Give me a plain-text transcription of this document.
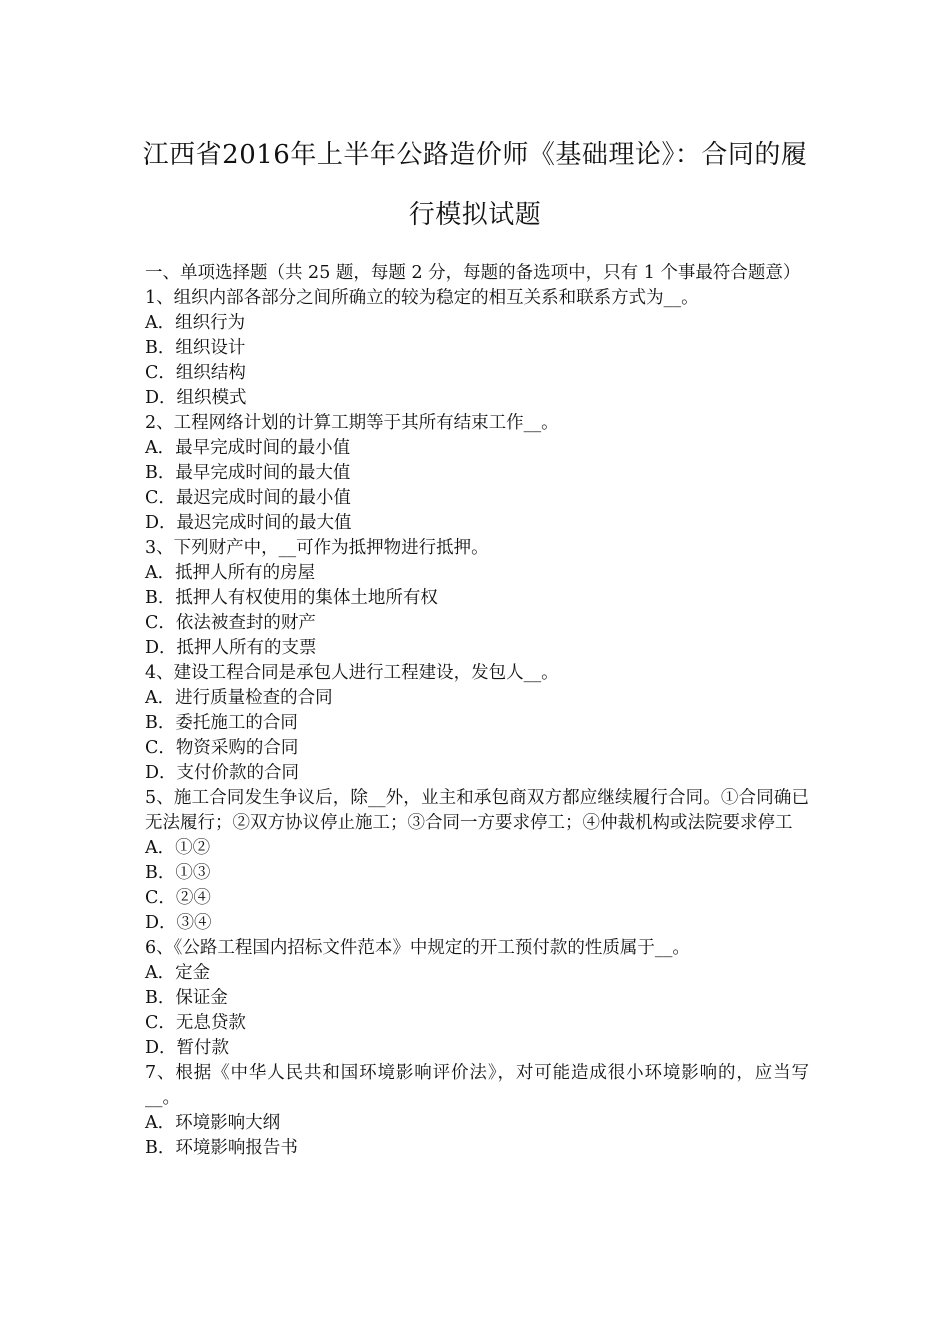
江西省2016年上半年公路造价师《基础理论》：合同的履
行模拟试题

一、单项选择题（共 25 题，每题 2 分，每题的备选项中，只有 1 个事最符合题意）

1、组织内部各部分之间所确立的较为稳定的相互关系和联系方式为__。

A．组织行为

B．组织设计

C．组织结构

D．组织模式

2、工程网络计划的计算工期等于其所有结束工作__。

A．最早完成时间的最小值

B．最早完成时间的最大值

C．最迟完成时间的最小值

D．最迟完成时间的最大值

3、下列财产中，__可作为抵押物进行抵押。

A．抵押人所有的房屋

B．抵押人有权使用的集体土地所有权

C．依法被查封的财产

D．抵押人所有的支票

4、建设工程合同是承包人进行工程建设，发包人__。

A．进行质量检查的合同

B．委托施工的合同

C．物资采购的合同

D．支付价款的合同

5、施工合同发生争议后，除__外，业主和承包商双方都应继续履行合同。①合同确已无法履行；②双方协议停止施工；③合同一方要求停工；④仲裁机构或法院要求停工

A．①②

B．①③

C．②④

D．③④

6、《公路工程国内招标文件范本》中规定的开工预付款的性质属于__。

A．定金

B．保证金

C．无息贷款

D．暂付款

7、根据《中华人民共和国环境影响评价法》，对可能造成很小环境影响的，应当写__。

A．环境影响大纲

B．环境影响报告书
